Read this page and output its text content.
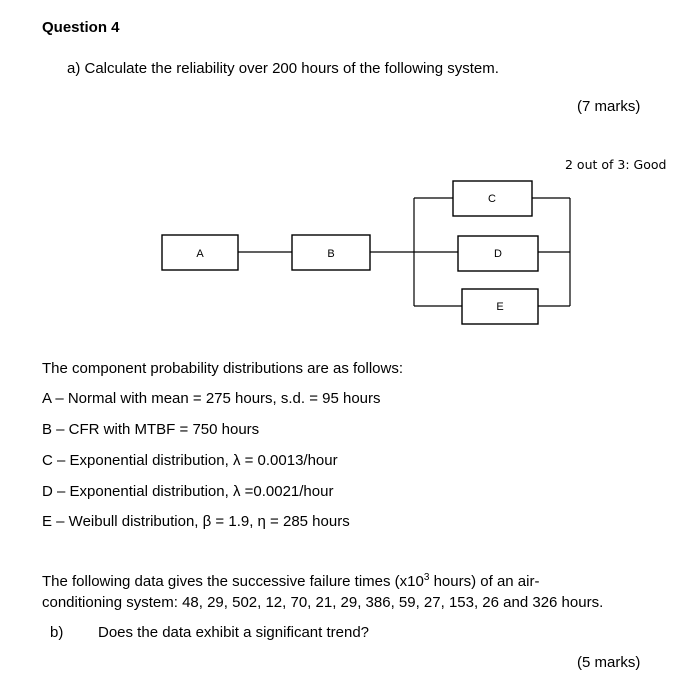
Question 4
a) Calculate the reliability over 200 hours of the following system.
(7 marks)
2 out of 3: Good
A	B
C
D
E
The component probability distributions are as follows:
A – Normal with mean = 275 hours, s.d. = 95 hours
B – CFR with MTBF = 750 hours
C – Exponential distribution, λ = 0.0013/hour
D – Exponential distribution, λ =0.0021/hour
E – Weibull distribution, β = 1.9, η = 285 hours
The following data gives the successive failure times ($x10^3$ hours) of an air-
conditioning system: 48, 29, 502, 12, 70, 21, 29, 386, 59, 27, 153, 26 and 326 hours.
b) Does the data exhibit a significant trend?
(5 marks)
